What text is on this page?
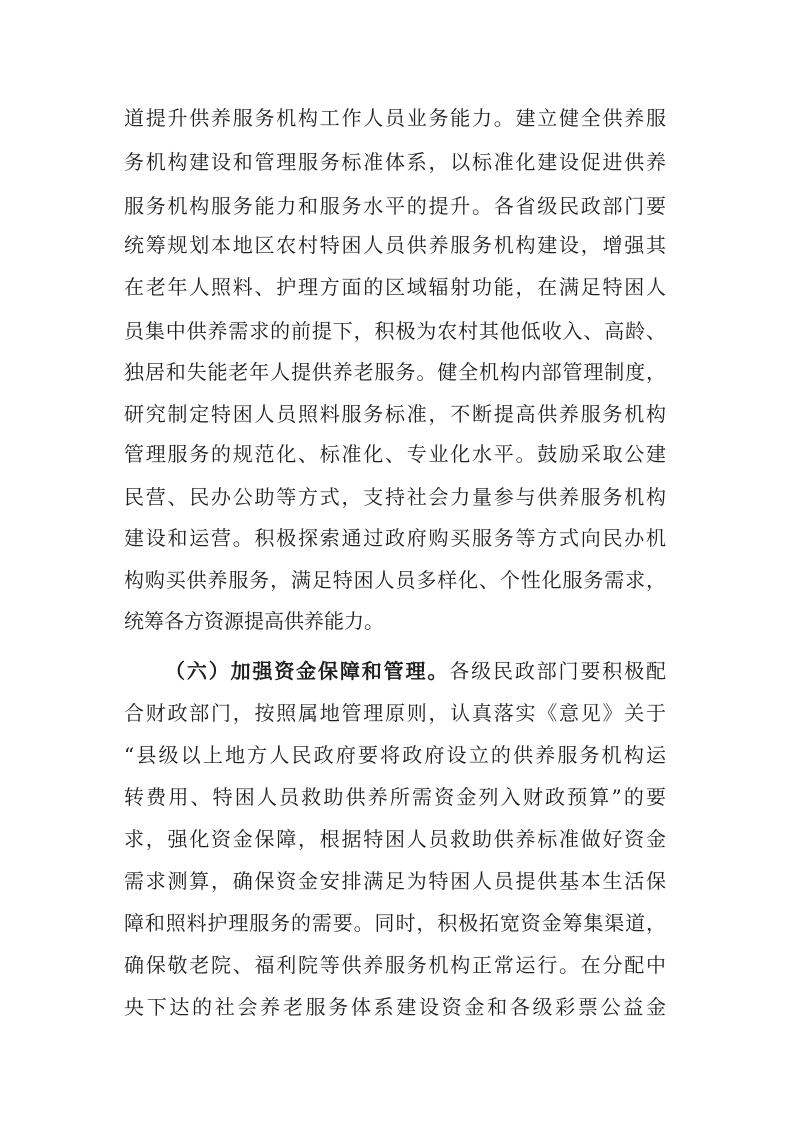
道提升供养服务机构工作人员业务能力。建立健全供养服
务机构建设和管理服务标准体系，以标准化建设促进供养
服务机构服务能力和服务水平的提升。各省级民政部门要
统筹规划本地区农村特困人员供养服务机构建设，增强其
在老年人照料、护理方面的区域辐射功能，在满足特困人
员集中供养需求的前提下，积极为农村其他低收入、高龄、
独居和失能老年人提供养老服务。健全机构内部管理制度，
研究制定特困人员照料服务标准，不断提高供养服务机构
管理服务的规范化、标准化、专业化水平。鼓励采取公建
民营、民办公助等方式，支持社会力量参与供养服务机构
建设和运营。积极探索通过政府购买服务等方式向民办机
构购买供养服务，满足特困人员多样化、个性化服务需求，
统筹各方资源提高供养能力。
（六）加强资金保障和管理。各级民政部门要积极配
合财政部门，按照属地管理原则，认真落实《意见》关于
“县级以上地方人民政府要将政府设立的供养服务机构运
转费用、特困人员救助供养所需资金列入财政预算”的要
求，强化资金保障，根据特困人员救助供养标准做好资金
需求测算，确保资金安排满足为特困人员提供基本生活保
障和照料护理服务的需要。同时，积极拓宽资金筹集渠道，
确保敬老院、福利院等供养服务机构正常运行。在分配中
央下达的社会养老服务体系建设资金和各级彩票公益金
